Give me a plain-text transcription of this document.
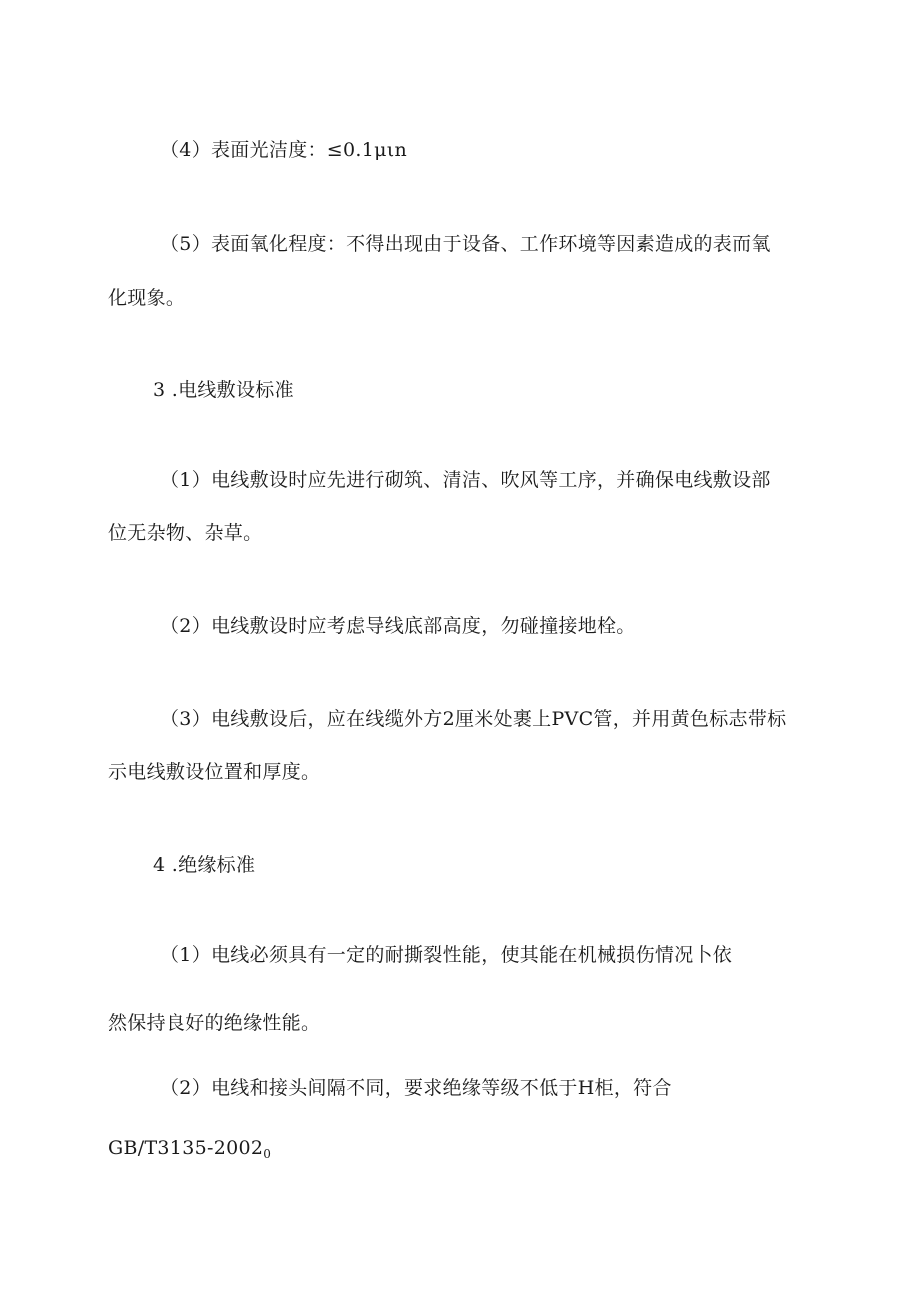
（4）表面光洁度：≤0.1μιn
（5）表面氧化程度：不得出现由于设备、工作环境等因素造成的表而氧
化现象。
3 .电线敷设标准
（1）电线敷设时应先进行砌筑、清洁、吹风等工序，并确保电线敷设部
位无杂物、杂草。
（2）电线敷设时应考虑导线底部高度，勿碰撞接地栓。
（3）电线敷设后，应在线缆外方2厘米处裹上PVC管，并用黄色标志带标
示电线敷设位置和厚度。
4 .绝缘标准
（1）电线必须具有一定的耐撕裂性能，使其能在机械损伤情况卜依
然保持良好的绝缘性能。
（2）电线和接头间隔不同，要求绝缘等级不低于H柜，符合
$GB/T3135-2002_0$
